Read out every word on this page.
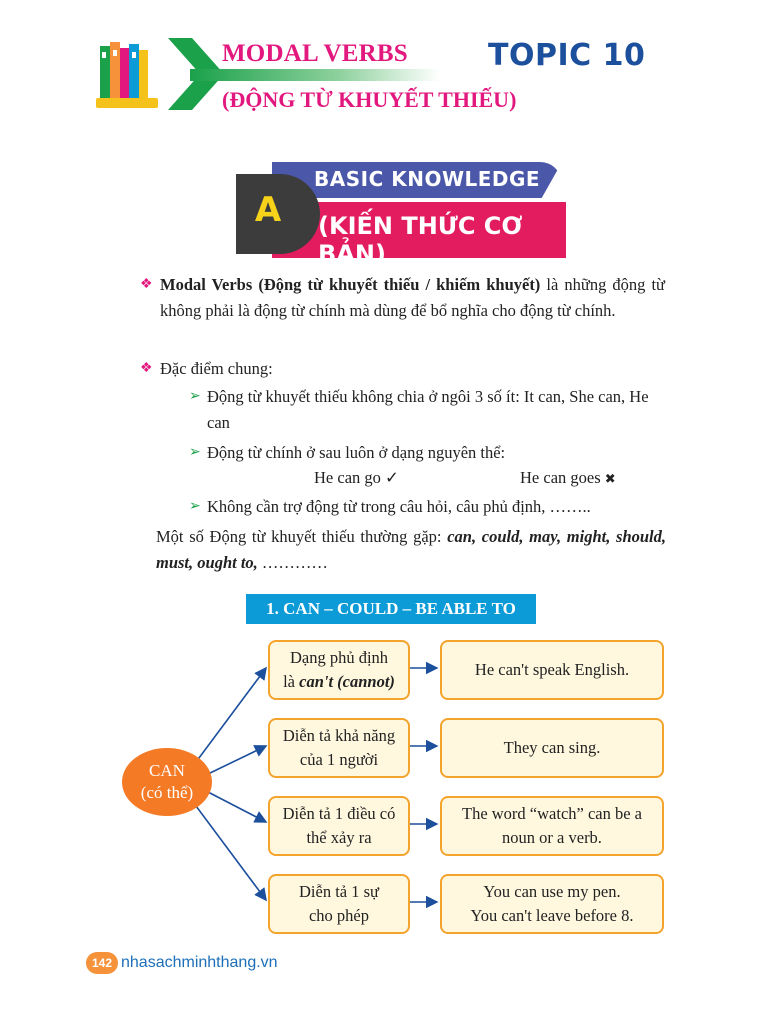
MODAL VERBS
(ĐỘNG TỪ KHUYẾT THIẾU)
TOPIC 10
A
BASIC KNOWLEDGE
(KIẾN THỨC CƠ BẢN)
❖ Modal Verbs (Động từ khuyết thiếu / khiếm khuyết) là những động từ không phải là động từ chính mà dùng để bổ nghĩa cho động từ chính.
❖ Đặc điểm chung:
➢ Động từ khuyết thiếu không chia ở ngôi 3 số ít: It can, She can, He can
➢ Động từ chính ở sau luôn ở dạng nguyên thể:
He can go ✓	He can goes ✖
➢ Không cần trợ động từ trong câu hỏi, câu phủ định, ……..
Một số Động từ khuyết thiếu thường gặp: can, could, may, might, should, must, ought to, …………
1. CAN – COULD – BE ABLE TO
CAN
(có thể)
Dạng phủ định
là can't (cannot)
He can't speak English.
Diễn tả khả năng
của 1 người
They can sing.
Diễn tả 1 điều có
thể xảy ra
The word “watch” can be a
noun or a verb.
Diễn tả 1 sự
cho phép
You can use my pen.
You can't leave before 8.
142 nhasachminhthang.vn
